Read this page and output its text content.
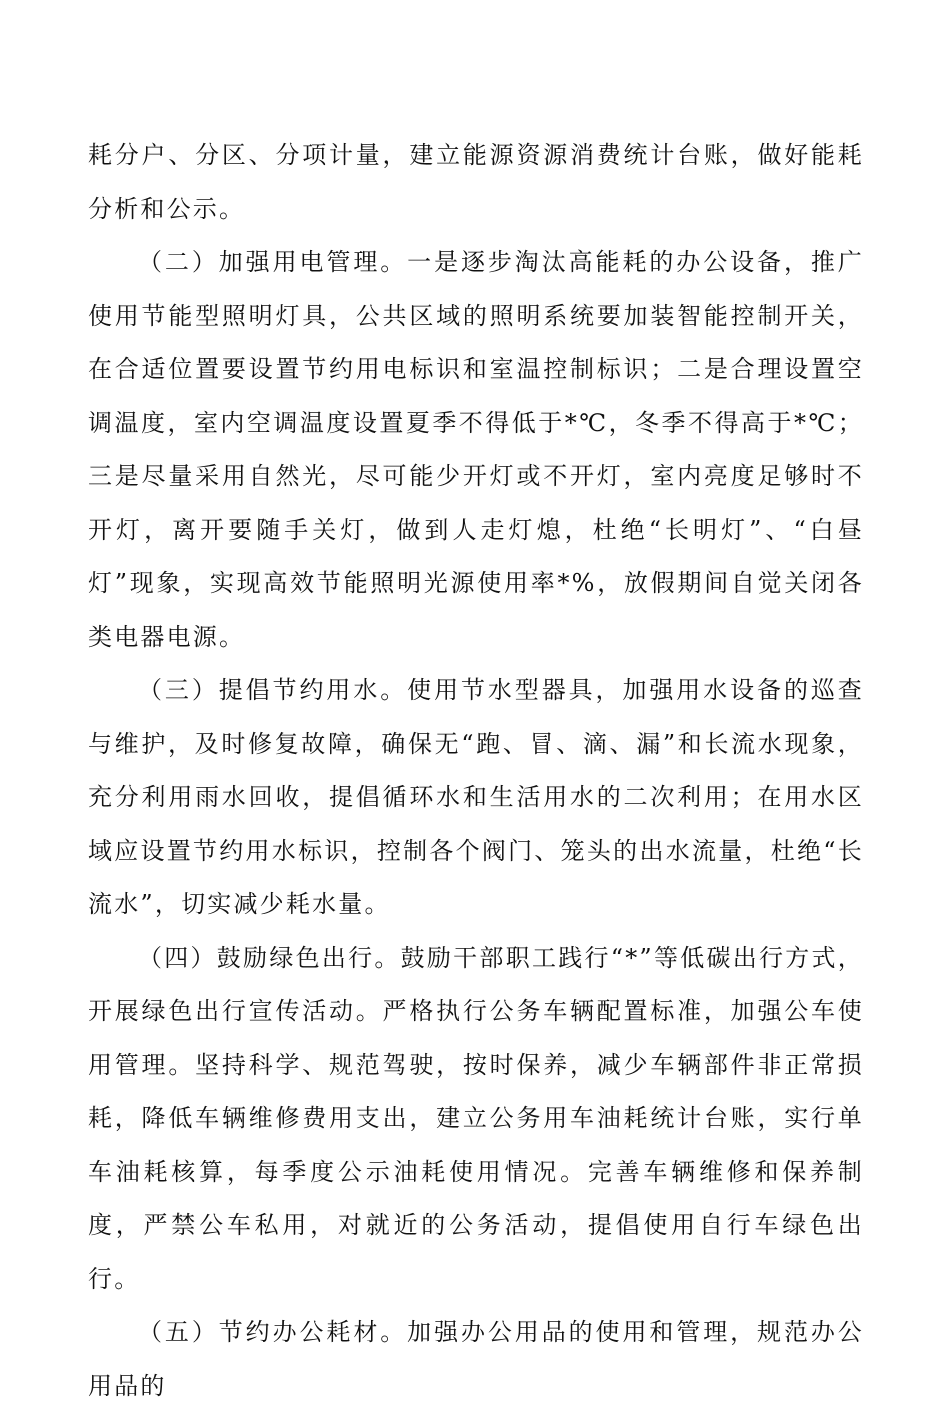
耗分户、分区、分项计量，建立能源资源消费统计台账，做好能耗分析和公示。

（二）加强用电管理。一是逐步淘汰高能耗的办公设备，推广使用节能型照明灯具，公共区域的照明系统要加装智能控制开关，在合适位置要设置节约用电标识和室温控制标识；二是合理设置空调温度，室内空调温度设置夏季不得低于*℃，冬季不得高于*℃；三是尽量采用自然光，尽可能少开灯或不开灯，室内亮度足够时不开灯，离开要随手关灯，做到人走灯熄，杜绝“长明灯”、“白昼灯”现象，实现高效节能照明光源使用率*%，放假期间自觉关闭各类电器电源。

（三）提倡节约用水。使用节水型器具，加强用水设备的巡查与维护，及时修复故障，确保无“跑、冒、滴、漏”和长流水现象，充分利用雨水回收，提倡循环水和生活用水的二次利用；在用水区域应设置节约用水标识，控制各个阀门、笼头的出水流量，杜绝“长流水”，切实减少耗水量。

（四）鼓励绿色出行。鼓励干部职工践行“*”等低碳出行方式，开展绿色出行宣传活动。严格执行公务车辆配置标准，加强公车使用管理。坚持科学、规范驾驶，按时保养，减少车辆部件非正常损耗，降低车辆维修费用支出，建立公务用车油耗统计台账，实行单车油耗核算，每季度公示油耗使用情况。完善车辆维修和保养制度，严禁公车私用，对就近的公务活动，提倡使用自行车绿色出行。

（五）节约办公耗材。加强办公用品的使用和管理，规范办公用品的
